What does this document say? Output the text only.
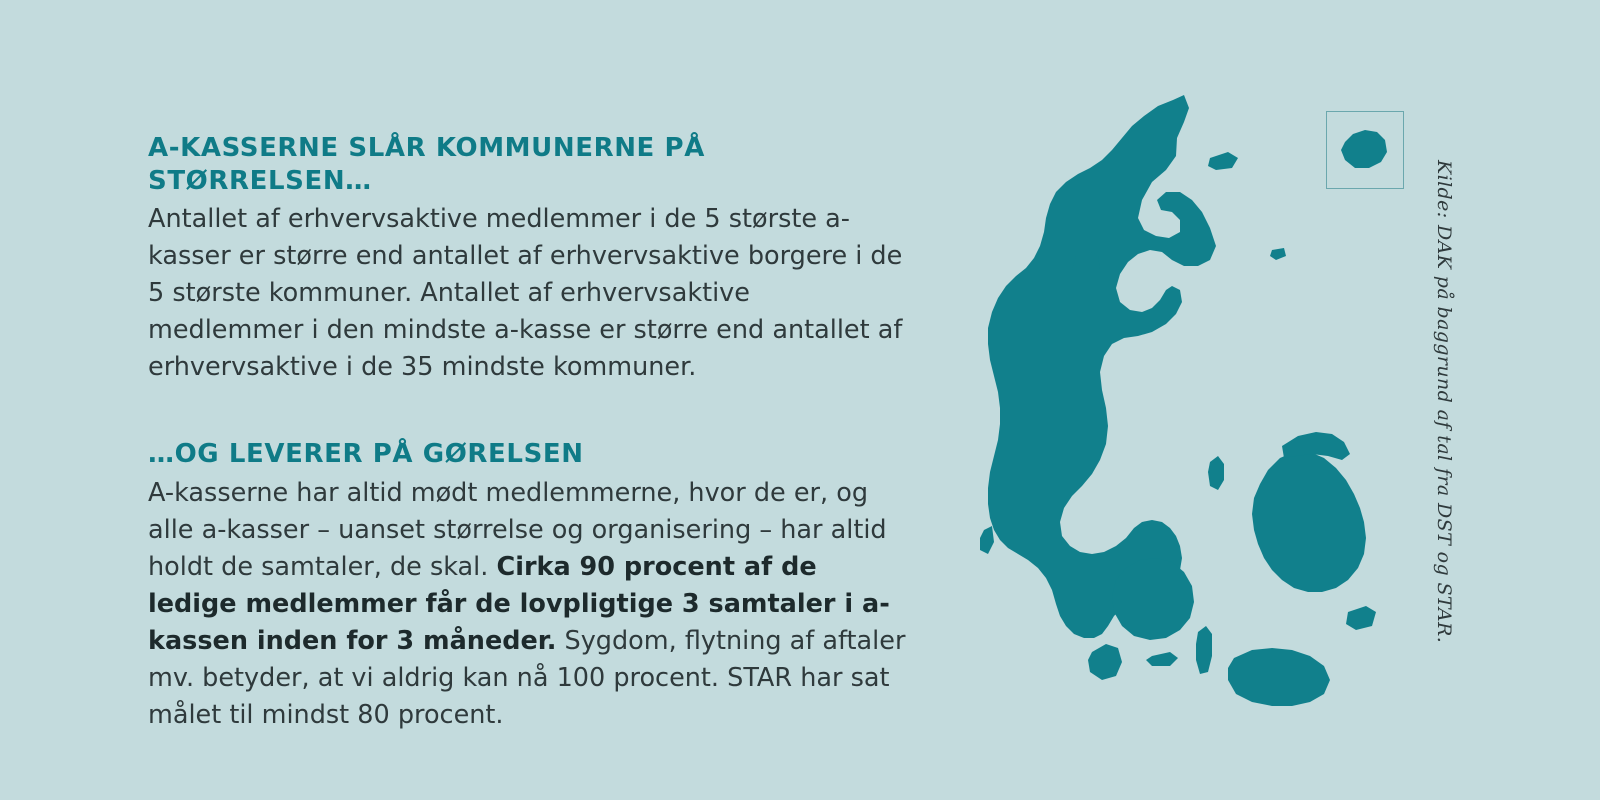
A-KASSERNE SLÅR KOMMUNERNE PÅ STØRRELSEN…

Antallet af erhvervsaktive medlemmer i de 5 største a-kasser er større end antallet af erhvervsaktive borgere i de 5 største kommuner. Antallet af erhvervsaktive medlemmer i den mindste a-kasse er større end antallet af erhvervsaktive i de 35 mindste kommuner.

…OG LEVERER PÅ GØRELSEN

A-kasserne har altid mødt medlemmerne, hvor de er, og alle a-kasser – uanset størrelse og organisering – har altid holdt de samtaler, de skal. Cirka 90 procent af de ledige medlemmer får de lovpligtige 3 samtaler i a-kassen inden for 3 måneder. Sygdom, flytning af aftaler mv. betyder, at vi aldrig kan nå 100 procent. STAR har sat målet til mindst 80 procent.

Kilde: DAK på baggrund af tal fra DST og STAR.
